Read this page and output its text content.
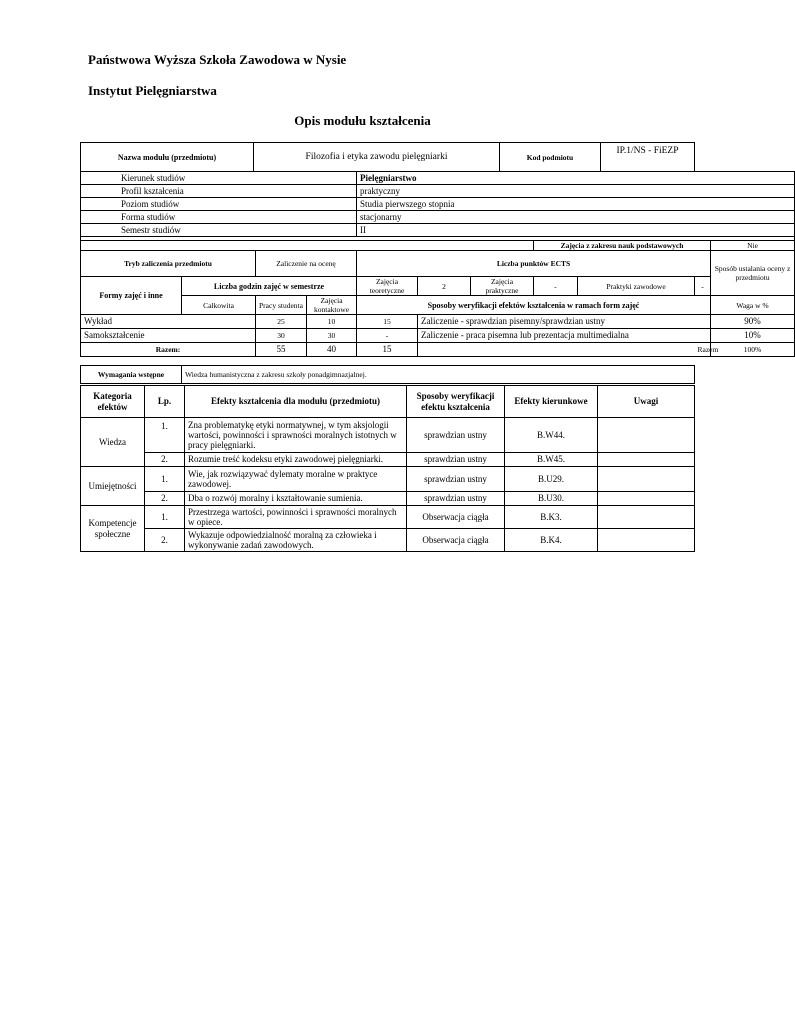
Państwowa Wyższa Szkoła Zawodowa w Nysie
Instytut Pielęgniarstwa
Opis modułu kształcenia
Nazwa modułu (przedmiotu)	Filozofia i etyka zawodu pielęgniarki	Kod podmiotu	IP.1/NS - FiEZP
Kierunek studiów				Pielęgniarstwo						
Profil kształcenia				praktyczny						
Poziom studiów				Studia pierwszego stopnia						
Forma studiów				stacjonarny						
Semestr studiów				II						

							Zajęcia z zakresu nauk podstawowych			Nie
Tryb zaliczenia przedmiotu		Zaliczenie na ocenę		Liczba punktów ECTS						Sposób ustalania oceny z przedmiotu
Formy zajęć i inne	Liczba godzin zajęć w semestrze			Zajęcia teoretyczne	2	Zajęcia praktyczne	-	Praktyki zawodowe	-	
	Całkowita	Pracy studenta	Zajęcia kontaktowe	Sposoby weryfikacji efektów kształcenia w ramach form zajęć						Waga w %
Wykład		25	10	15	Zaliczenie - sprawdzian pisemny/sprawdzian ustny					90%
Samokształcenie		30	30	-	Zaliczenie - praca pisemna lub prezentacja multimedialna					10%
Razem:		55	40	15					Razem	100%
Wymagania wstępne	Wiedza humanistyczna z zakresu szkoły ponadgimnazjalnej.
Kategoria efektów	Lp.	Efekty kształcenia dla modułu (przedmiotu)	Sposoby weryfikacji efektu kształcenia	Efekty kierunkowe	Uwagi
Wiedza	1.	Zna problematykę etyki normatywnej, w tym aksjologii wartości, powinności i sprawności moralnych istotnych w pracy pielęgniarki.	sprawdzian ustny	B.W44.	
	2.	Rozumie treść kodeksu etyki zawodowej pielęgniarki.	sprawdzian ustny	B.W45.	
Umiejętności	1.	Wie, jak rozwiązywać dylematy moralne w praktyce zawodowej.	sprawdzian ustny	B.U29.	
	2.	Dba o rozwój moralny i kształtowanie sumienia.	sprawdzian ustny	B.U30.	
Kompetencje społeczne	1.	Przestrzega wartości, powinności i sprawności moralnych w opiece.	Obserwacja ciągła	B.K3.	
	2.	Wykazuje odpowiedzialność moralną za człowieka i wykonywanie zadań zawodowych.	Obserwacja ciągła	B.K4.	
